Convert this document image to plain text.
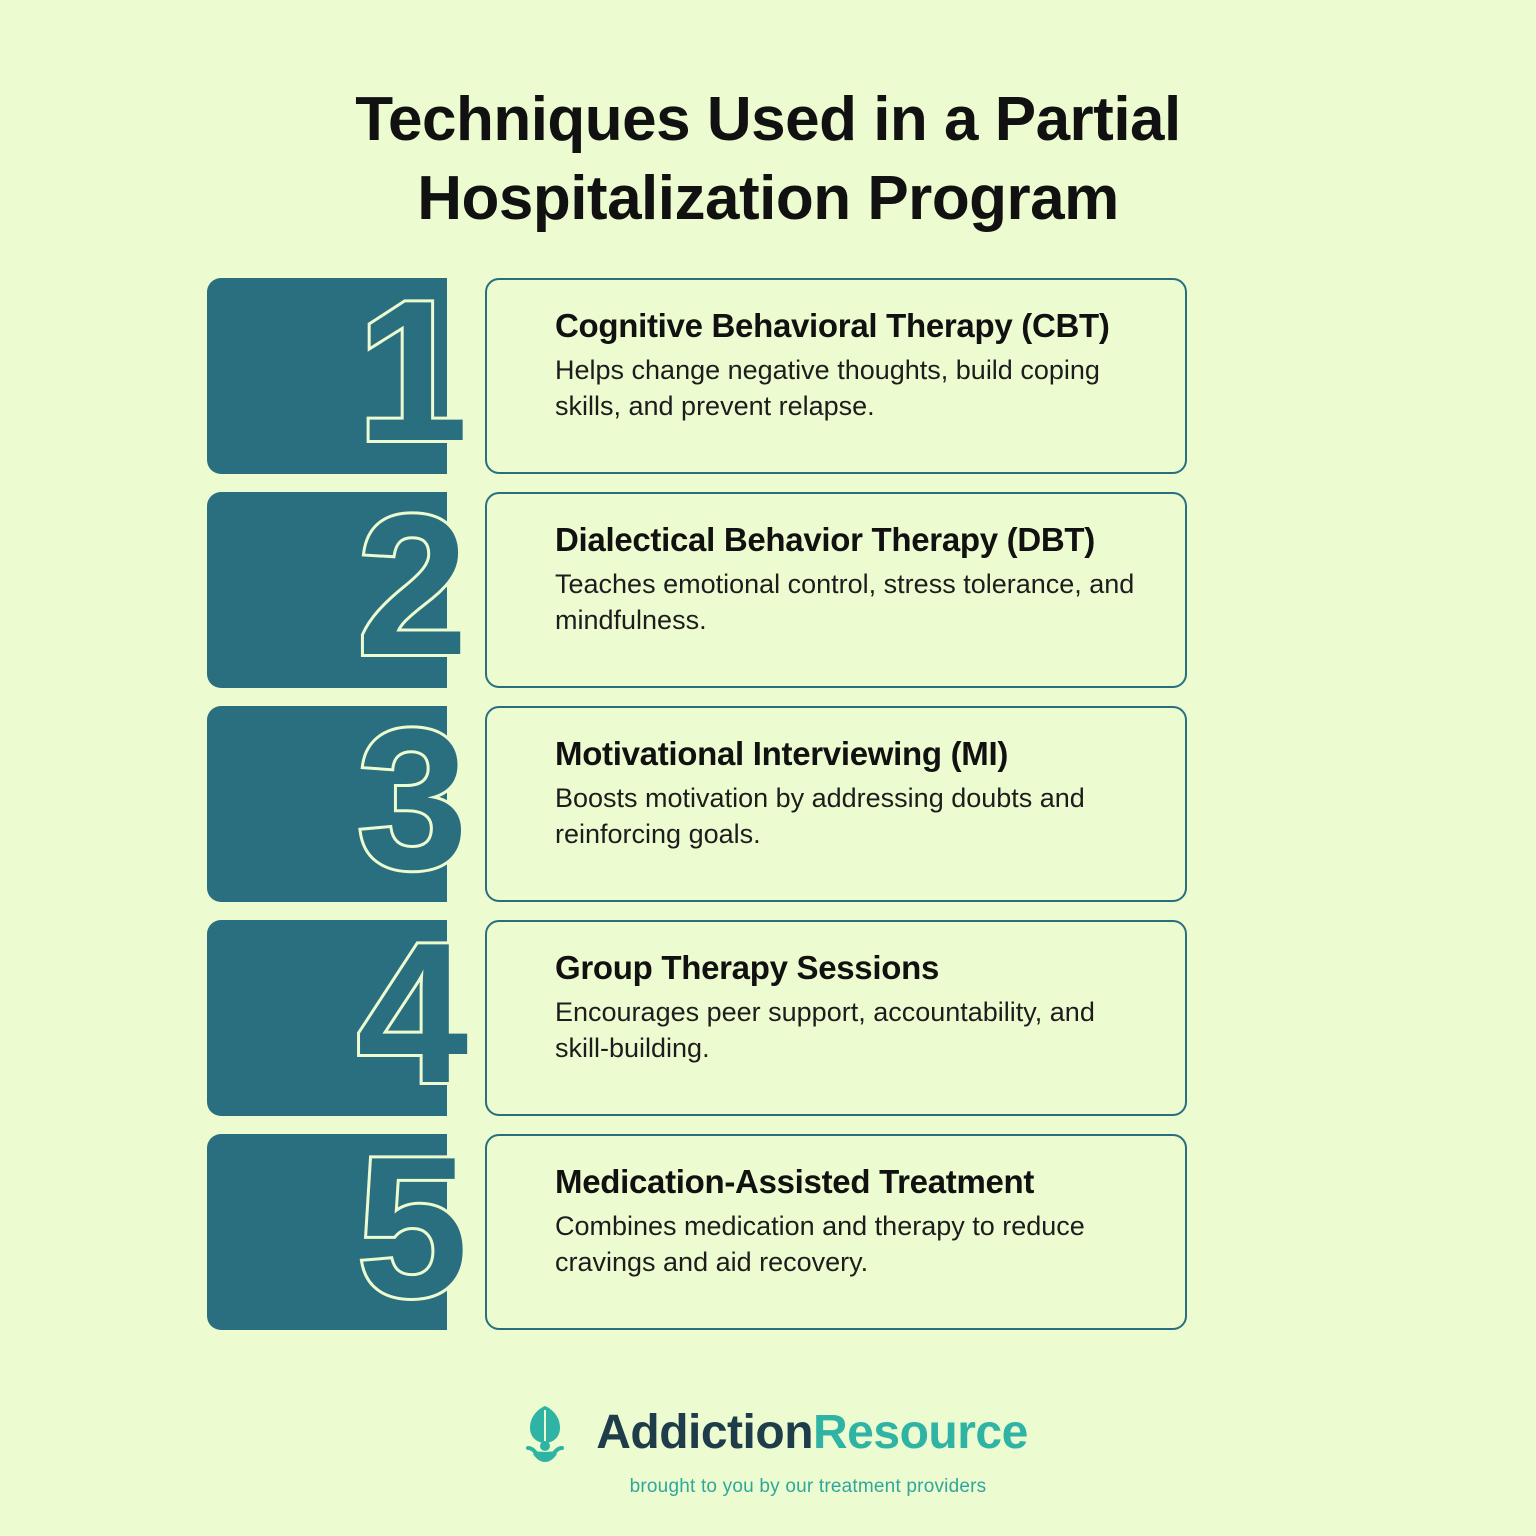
Techniques Used in a Partial Hospitalization Program
1	Cognitive Behavioral Therapy (CBT)

Helps change negative thoughts, build coping skills, and prevent relapse.

2	Dialectical Behavior Therapy (DBT)

Teaches emotional control, stress tolerance, and mindfulness.

3	Motivational Interviewing (MI)

Boosts motivation by addressing doubts and reinforcing goals.

4	Group Therapy Sessions

Encourages peer support, accountability, and skill-building.

5	Medication-Assisted Treatment

Combines medication and therapy to reduce cravings and aid recovery.

AddictionResource
brought to you by our treatment providers
